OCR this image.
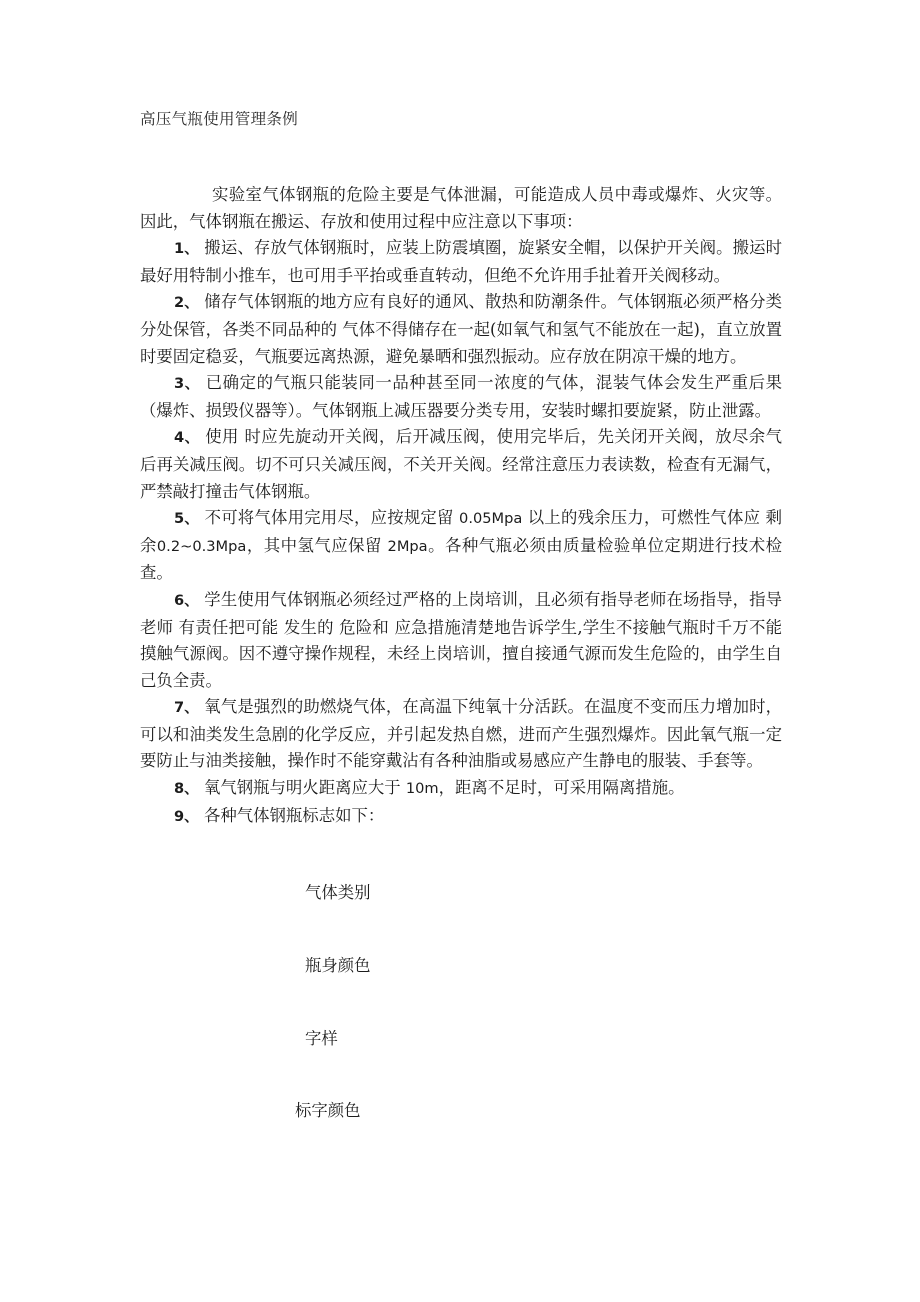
高压气瓶使用管理条例

实验室气体钢瓶的危险主要是气体泄漏，可能造成人员中毒或爆炸、火灾等。因此，气体钢瓶在搬运、存放和使用过程中应注意以下事项：

1、 搬运、存放气体钢瓶时，应装上防震填圈，旋紧安全帽，以保护开关阀。搬运时最好用特制小推车，也可用手平抬或垂直转动，但绝不允许用手扯着开关阀移动。

2、 储存气体钢瓶的地方应有良好的通风、散热和防潮条件。气体钢瓶必须严格分类分处保管，各类不同品种的 气体不得储存在一起(如氧气和氢气不能放在一起)，直立放置时要固定稳妥，气瓶要远离热源，避免暴晒和强烈振动。应存放在阴凉干燥的地方。

3、 已确定的气瓶只能装同一品种甚至同一浓度的气体，混装气体会发生严重后果（爆炸、损毁仪器等）。气体钢瓶上减压器要分类专用，安装时螺扣要旋紧，防止泄露。

4、 使用 时应先旋动开关阀，后开减压阀，使用完毕后，先关闭开关阀，放尽余气后再关减压阀。切不可只关减压阀，不关开关阀。经常注意压力表读数，检查有无漏气，严禁敲打撞击气体钢瓶。

5、 不可将气体用完用尽，应按规定留 0.05Mpa 以上的残余压力，可燃性气体应 剩余0.2~0.3Mpa，其中氢气应保留 2Mpa。各种气瓶必须由质量检验单位定期进行技术检查。

6、 学生使用气体钢瓶必须经过严格的上岗培训，且必须有指导老师在场指导，指导老师 有责任把可能 发生的 危险和 应急措施清楚地告诉学生,学生不接触气瓶时千万不能摸触气源阀。因不遵守操作规程，未经上岗培训，擅自接通气源而发生危险的，由学生自己负全责。

7、 氧气是强烈的助燃烧气体，在高温下纯氧十分活跃。在温度不变而压力增加时，可以和油类发生急剧的化学反应，并引起发热自燃，进而产生强烈爆炸。因此氧气瓶一定要防止与油类接触，操作时不能穿戴沾有各种油脂或易感应产生静电的服装、手套等。

8、 氧气钢瓶与明火距离应大于 10m，距离不足时，可采用隔离措施。

9、 各种气体钢瓶标志如下：

气体类别
瓶身颜色
字样
标字颜色
